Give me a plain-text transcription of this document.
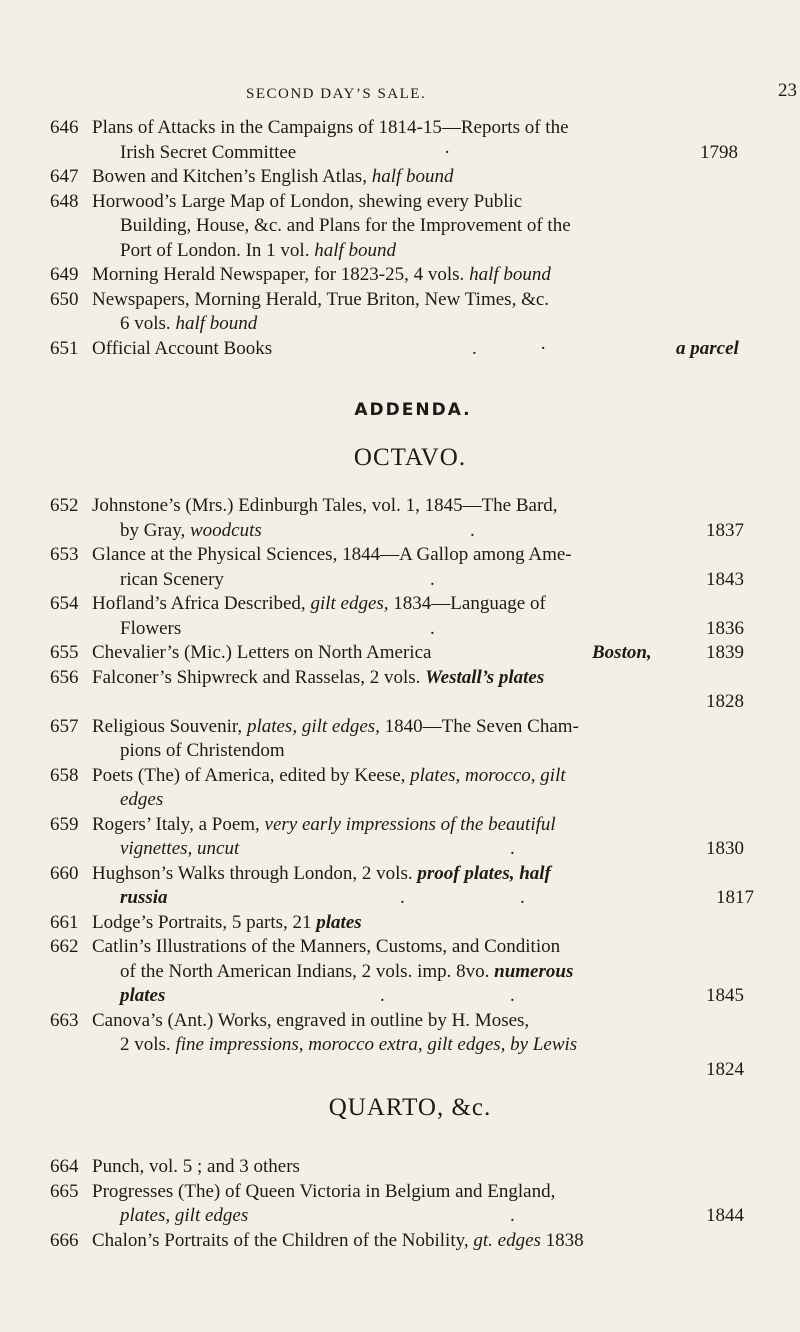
SECOND DAY’S SALE.	23
646 Plans of Attacks in the Campaigns of 1814-15—Reports of the
Irish Secret Committee	·	1798
647 Bowen and Kitchen’s English Atlas, half bound
648 Horwood’s Large Map of London, shewing every Public
Building, House, &c. and Plans for the Improvement of the
Port of London. In 1 vol. half bound
649 Morning Herald Newspaper, for 1823-25, 4 vols. half bound
650 Newspapers, Morning Herald, True Briton, New Times, &c.
6 vols. half bound
651 Official Account Books	.	·	a parcel
ADDENDA.
OCTAVO.
652 Johnstone’s (Mrs.) Edinburgh Tales, vol. 1, 1845—The Bard,
by Gray, woodcuts	.	1837
653 Glance at the Physical Sciences, 1844—A Gallop among Ame-
rican Scenery	.	1843
654 Hofland’s Africa Described, gilt edges, 1834—Language of
Flowers	.	1836
655 Chevalier’s (Mic.) Letters on North America	Boston,	1839
656 Falconer’s Shipwreck and Rasselas, 2 vols. Westall’s plates
1828
657 Religious Souvenir, plates, gilt edges, 1840—The Seven Cham-
pions of Christendom
658 Poets (The) of America, edited by Keese, plates, morocco, gilt
edges
659 Rogers’ Italy, a Poem, very early impressions of the beautiful
vignettes, uncut	.	1830
660 Hughson’s Walks through London, 2 vols. proof plates, half
russia	.	.	1817
661 Lodge’s Portraits, 5 parts, 21 plates
662 Catlin’s Illustrations of the Manners, Customs, and Condition
of the North American Indians, 2 vols. imp. 8vo. numerous
plates	.	.	1845
663 Canova’s (Ant.) Works, engraved in outline by H. Moses,
2 vols. fine impressions, morocco extra, gilt edges, by Lewis
1824
QUARTO, &c.
664 Punch, vol. 5 ; and 3 others
665 Progresses (The) of Queen Victoria in Belgium and England,
plates, gilt edges	.	1844
666 Chalon’s Portraits of the Children of the Nobility, gt. edges 1838
